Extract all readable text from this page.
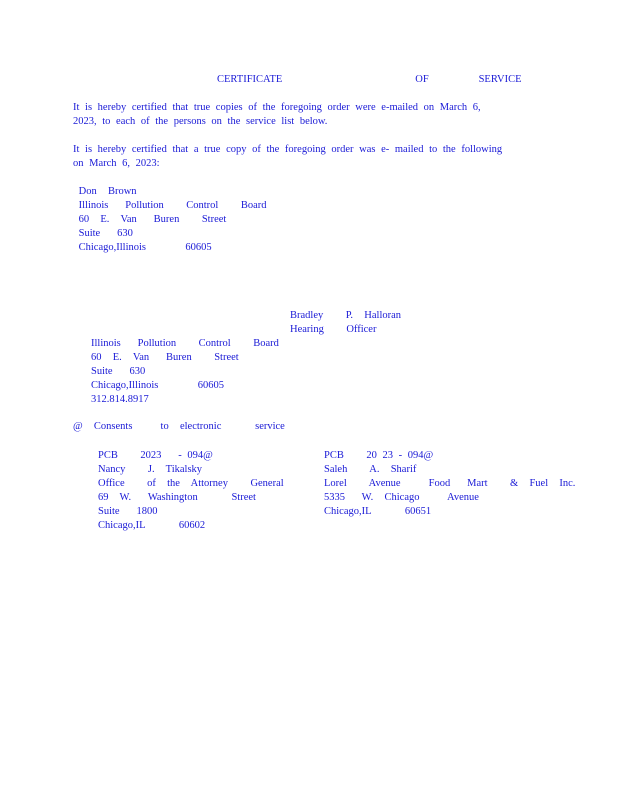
CERTIFICATE        OF   SERVICE
It is hereby certified that true copies of the foregoing order were e-mailed on March 6,
2023, to each of the persons on the service list below.
It is hereby certified that a true copy of the foregoing order was e- mailed to the following
on March 6, 2023:
Don  Brown
Illinois   Pollution    Control    Board
60  E.  Van   Buren    Street
Suite   630
Chicago,Illinois       60605
Bradley    P.  Halloran
Hearing    Officer
Illinois   Pollution    Control    Board
60  E.  Van   Buren    Street
Suite   630
Chicago,Illinois       60605
312.814.8917
@  Consents     to  electronic      service
PCB    2023   - 094@
Nancy    J.  Tikalsky
Office    of  the  Attorney    General
69  W.   Washington      Street
Suite   1800
Chicago,IL      60602
PCB    20 23 - 094@
Saleh    A.  Sharif
Lorel    Avenue     Food   Mart    &  Fuel  Inc.
5335   W.  Chicago     Avenue
Chicago,IL      60651
